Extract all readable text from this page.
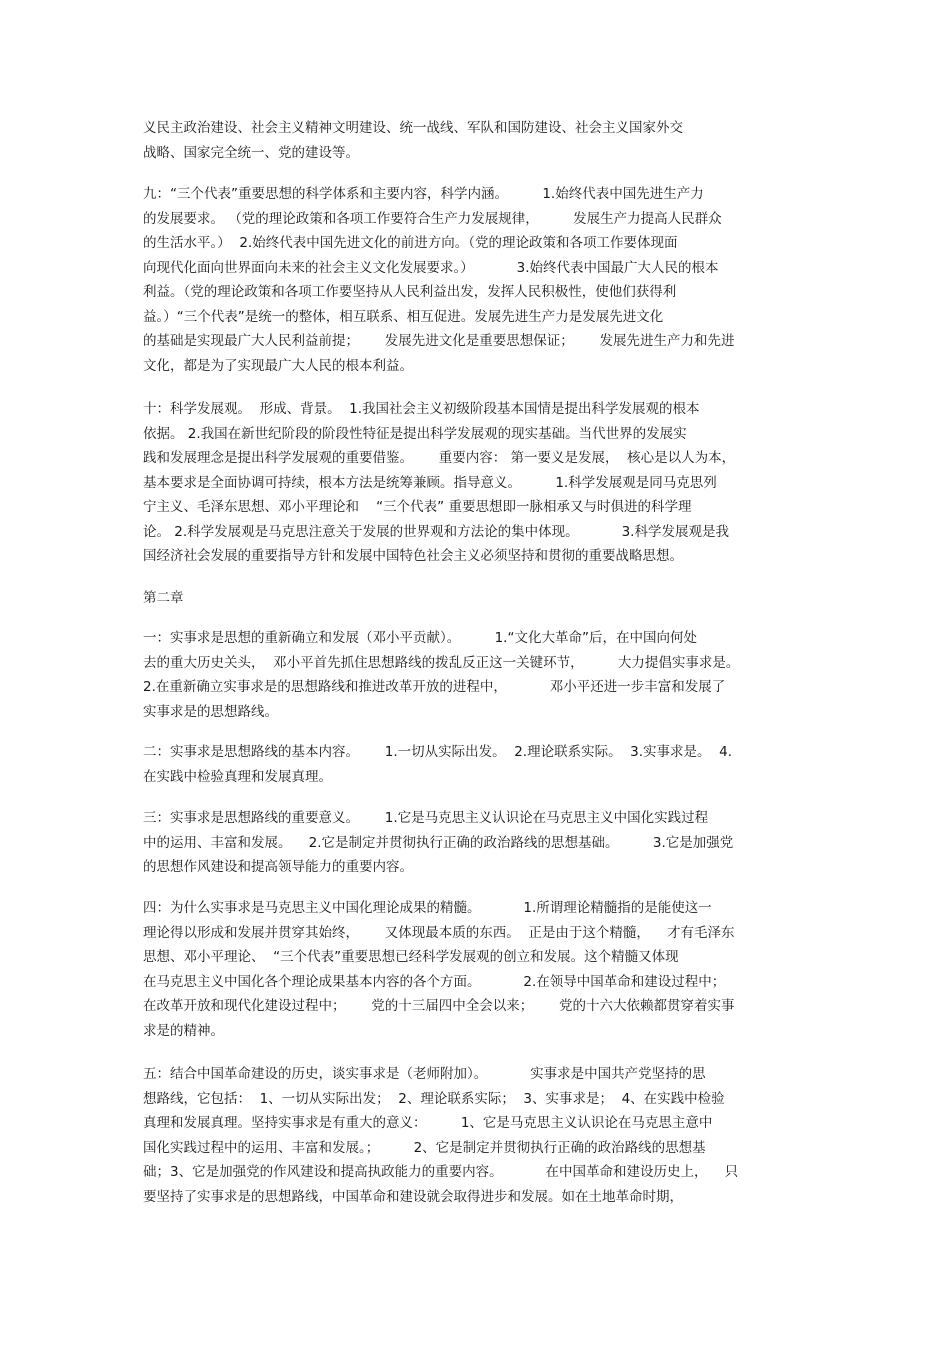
义民主政治建设、社会主义精神文明建设、统一战线、军队和国防建设、社会主义国家外交
战略、国家完全统一、党的建设等。
九：“三个代表”重要思想的科学体系和主要内容，科学内涵。        1.始终代表中国先进生产力
的发展要求。 （党的理论政策和各项工作要符合生产力发展规律，        发展生产力提高人民群众
的生活水平。）  2.始终代表中国先进文化的前进方向。（党的理论政策和各项工作要体现面
向现代化面向世界面向未来的社会主义文化发展要求。）          3.始终代表中国最广大人民的根本
利益。（党的理论政策和各项工作要坚持从人民利益出发，发挥人民积极性，使他们获得利
益。）“三个代表”是统一的整体，相互联系、相互促进。发展先进生产力是发展先进文化
的基础是实现最广大人民利益前提；      发展先进文化是重要思想保证；      发展先进生产力和先进
文化，都是为了实现最广大人民的根本利益。
十：科学发展观。  形成、背景。  1.我国社会主义初级阶段基本国情是提出科学发展观的根本
依据。 2.我国在新世纪阶段的阶段性特征是提出科学发展观的现实基础。当代世界的发展实
践和发展理念是提出科学发展观的重要借鉴。      重要内容： 第一要义是发展，  核心是以人为本，
基本要求是全面协调可持续，根本方法是统筹兼顾。指导意义。        1.科学发展观是同马克思列
宁主义、毛泽东思想、邓小平理论和    “三个代表” 重要思想即一脉相承又与时俱进的科学理
论。 2.科学发展观是马克思注意关于发展的世界观和方法论的集中体现。          3.科学发展观是我
国经济社会发展的重要指导方针和发展中国特色社会主义必须坚持和贯彻的重要战略思想。
第二章
一：实事求是思想的重新确立和发展（邓小平贡献）。        1.“文化大革命”后，在中国向何处
去的重大历史关头，  邓小平首先抓住思想路线的拨乱反正这一关键环节，        大力提倡实事求是。
2.在重新确立实事求是的思想路线和推进改革开放的进程中，          邓小平还进一步丰富和发展了
实事求是的思想路线。
二：实事求是思想路线的基本内容。      1.一切从实际出发。  2.理论联系实际。  3.实事求是。  4.
在实践中检验真理和发展真理。
三：实事求是思想路线的重要意义。      1.它是马克思主义认识论在马克思主义中国化实践过程
中的运用、丰富和发展。    2.它是制定并贯彻执行正确的政治路线的思想基础。        3.它是加强党
的思想作风建设和提高领导能力的重要内容。
四：为什么实事求是马克思主义中国化理论成果的精髓。          1.所谓理论精髓指的是能使这一
理论得以形成和发展并贯穿其始终，      又体现最本质的东西。  正是由于这个精髓，    才有毛泽东
思想、邓小平理论、  “三个代表”重要思想已经科学发展观的创立和发展。这个精髓又体现
在马克思主义中国化各个理论成果基本内容的各个方面。          2.在领导中国革命和建设过程中；
在改革开放和现代化建设过程中；      党的十三届四中全会以来；      党的十六大依赖都贯穿着实事
求是的精神。
五：结合中国革命建设的历史，谈实事求是（老师附加）。          实事求是中国共产党坚持的思
想路线，它包括：  1、一切从实际出发；  2、理论联系实际；  3、实事求是；  4、在实践中检验
真理和发展真理。坚持实事求是有重大的意义：        1、它是马克思主义认识论在马克思主意中
国化实践过程中的运用、丰富和发展。；        2、它是制定并贯彻执行正确的政治路线的思想基
础；3、它是加强党的作风建设和提高执政能力的重要内容。          在中国革命和建设历史上，    只
要坚持了实事求是的思想路线，中国革命和建设就会取得进步和发展。如在土地革命时期，
